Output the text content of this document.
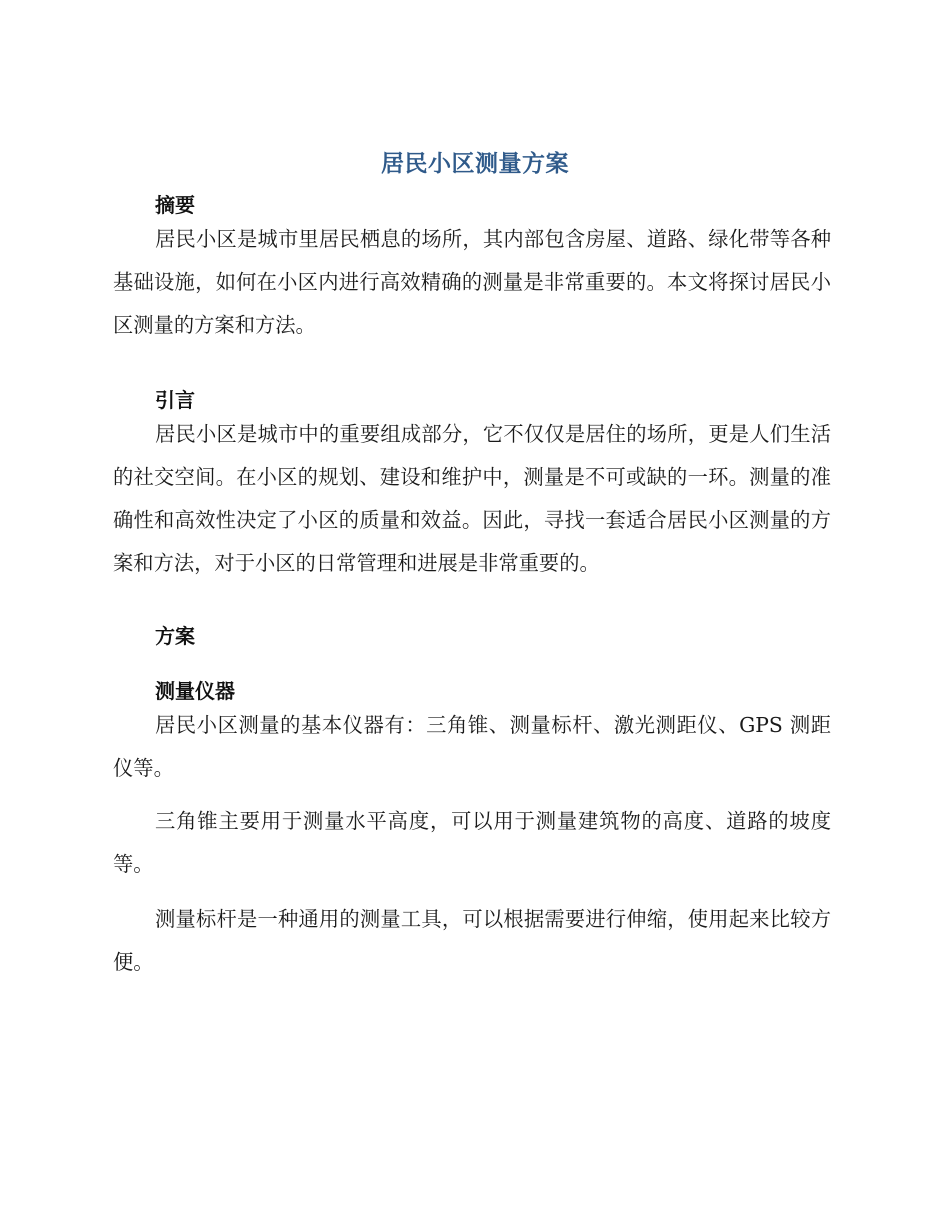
居民小区测量方案
摘要

居民小区是城市里居民栖息的场所，其内部包含房屋、道路、绿化带等各种基础设施，如何在小区内进行高效精确的测量是非常重要的。本文将探讨居民小区测量的方案和方法。

引言

居民小区是城市中的重要组成部分，它不仅仅是居住的场所，更是人们生活的社交空间。在小区的规划、建设和维护中，测量是不可或缺的一环。测量的准确性和高效性决定了小区的质量和效益。因此，寻找一套适合居民小区测量的方案和方法，对于小区的日常管理和进展是非常重要的。

方案
测量仪器

居民小区测量的基本仪器有：三角锥、测量标杆、激光测距仪、GPS 测距仪等。

三角锥主要用于测量水平高度，可以用于测量建筑物的高度、道路的坡度等。

测量标杆是一种通用的测量工具，可以根据需要进行伸缩，使用起来比较方便。
